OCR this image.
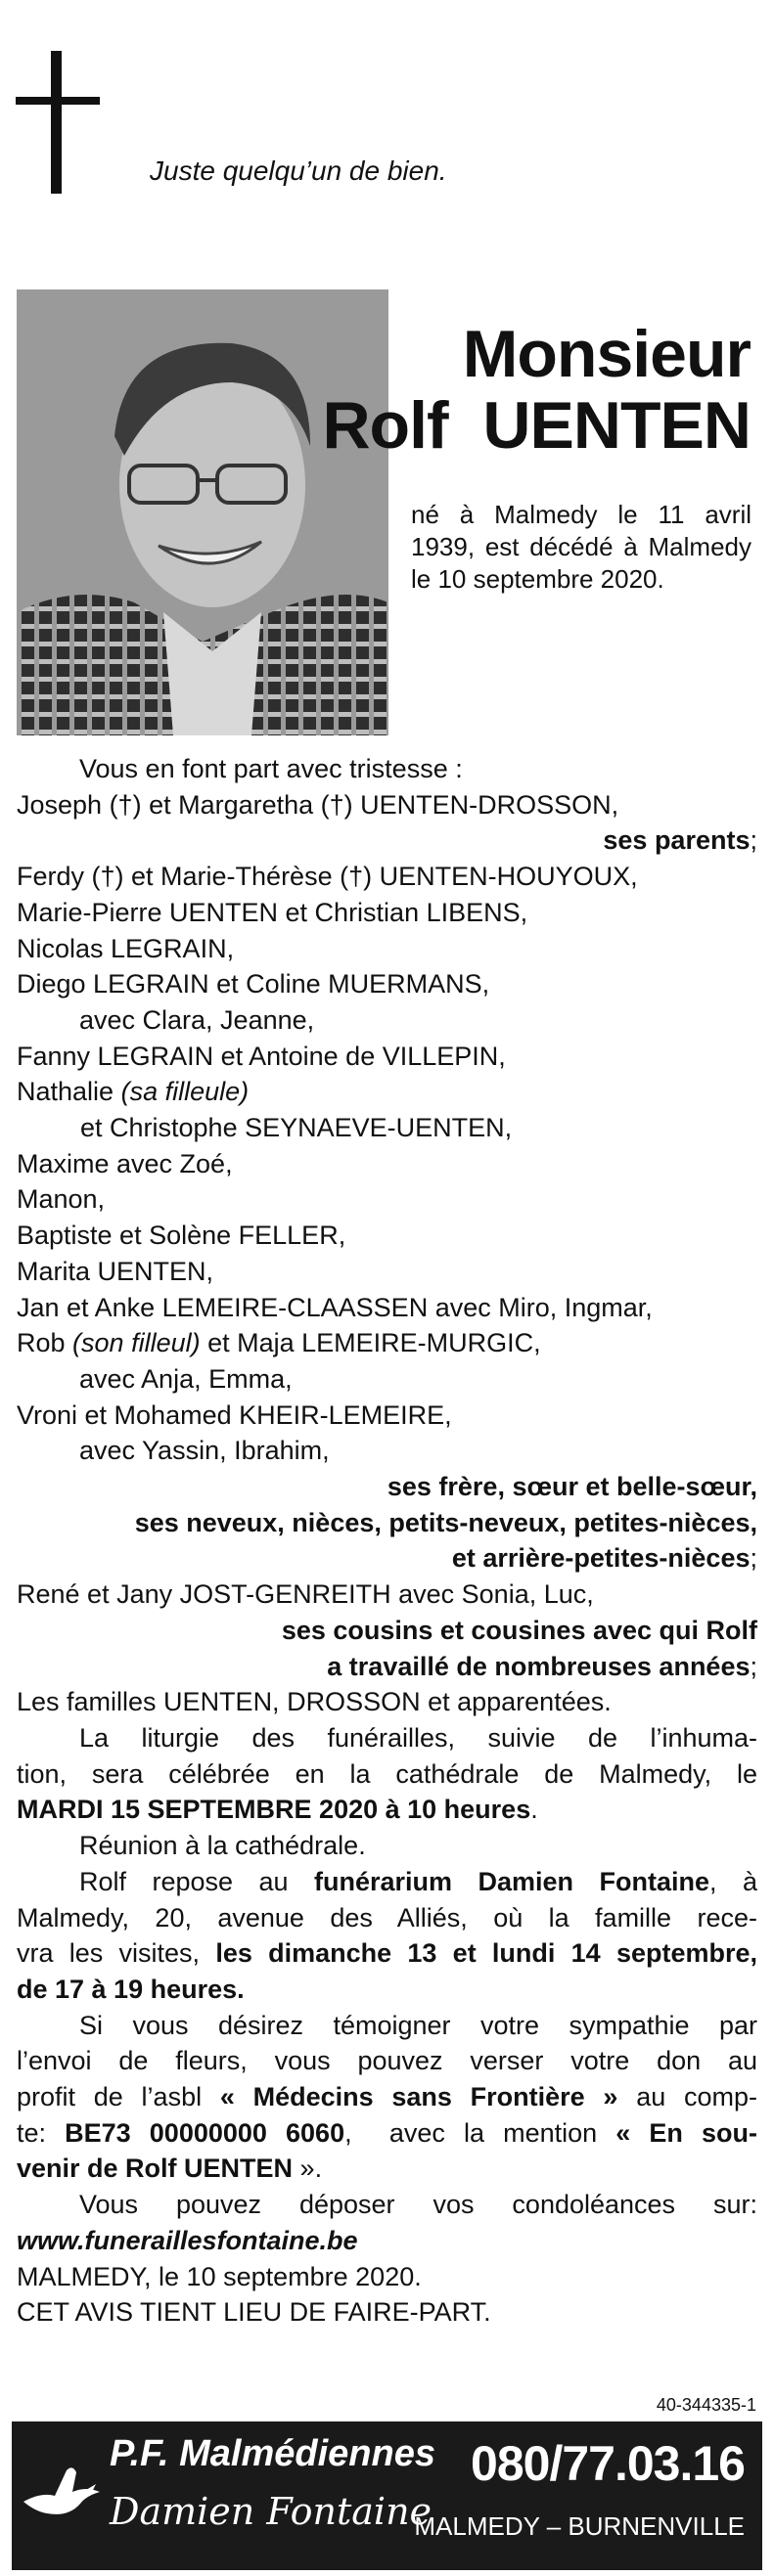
Juste quelqu’un de bien.
Monsieur
Rolf  UENTEN
né à Malmedy le 11 avril 1939, est décédé à Malmedy le 10 septembre 2020.
Vous en font part avec tristesse :
Joseph (†) et Margaretha (†) UENTEN-DROSSON,
ses parents;
Ferdy (†) et Marie-Thérèse (†) UENTEN-HOUYOUX,
Marie-Pierre UENTEN et Christian LIBENS,
Nicolas LEGRAIN,
Diego LEGRAIN et Coline MUERMANS,
avec Clara, Jeanne,
Fanny LEGRAIN et Antoine de VILLEPIN,
Nathalie (sa filleule)
et Christophe SEYNAEVE-UENTEN,
Maxime avec Zoé,
Manon,
Baptiste et Solène FELLER,
Marita UENTEN,
Jan et Anke LEMEIRE-CLAASSEN avec Miro, Ingmar,
Rob (son filleul) et Maja LEMEIRE-MURGIC,
avec Anja, Emma,
Vroni et Mohamed KHEIR-LEMEIRE,
avec Yassin, Ibrahim,
ses frère, sœur et belle-sœur,
ses neveux, nièces, petits-neveux, petites-nièces,
et arrière-petites-nièces;
René et Jany JOST-GENREITH avec Sonia, Luc,
ses cousins et cousines avec qui Rolf
a travaillé de nombreuses années;
Les familles UENTEN, DROSSON et apparentées.
La liturgie des funérailles, suivie de l’inhuma-
tion, sera célébrée en la cathédrale de Malmedy, le
MARDI 15 SEPTEMBRE 2020 à 10 heures.
Réunion à la cathédrale.
Rolf repose au funérarium Damien Fontaine, à
Malmedy, 20, avenue des Alliés, où la famille rece-
vra les visites, les dimanche 13 et lundi 14 septembre,
de 17 à 19 heures.
Si vous désirez témoigner votre sympathie par
l’envoi de fleurs, vous pouvez verser votre don au
profit de l’asbl « Médecins sans Frontière » au comp-
te: BE73 00000000 6060,  avec la mention « En sou-
venir de Rolf UENTEN ».
Vous pouvez déposer vos condoléances sur:
www.funeraillesfontaine.be
MALMEDY, le 10 septembre 2020.
CET AVIS TIENT LIEU DE FAIRE-PART.
40-344335-1
P.F. Malmédiennes
Damien Fontaine
080/77.03.16
MALMEDY – BURNENVILLE
